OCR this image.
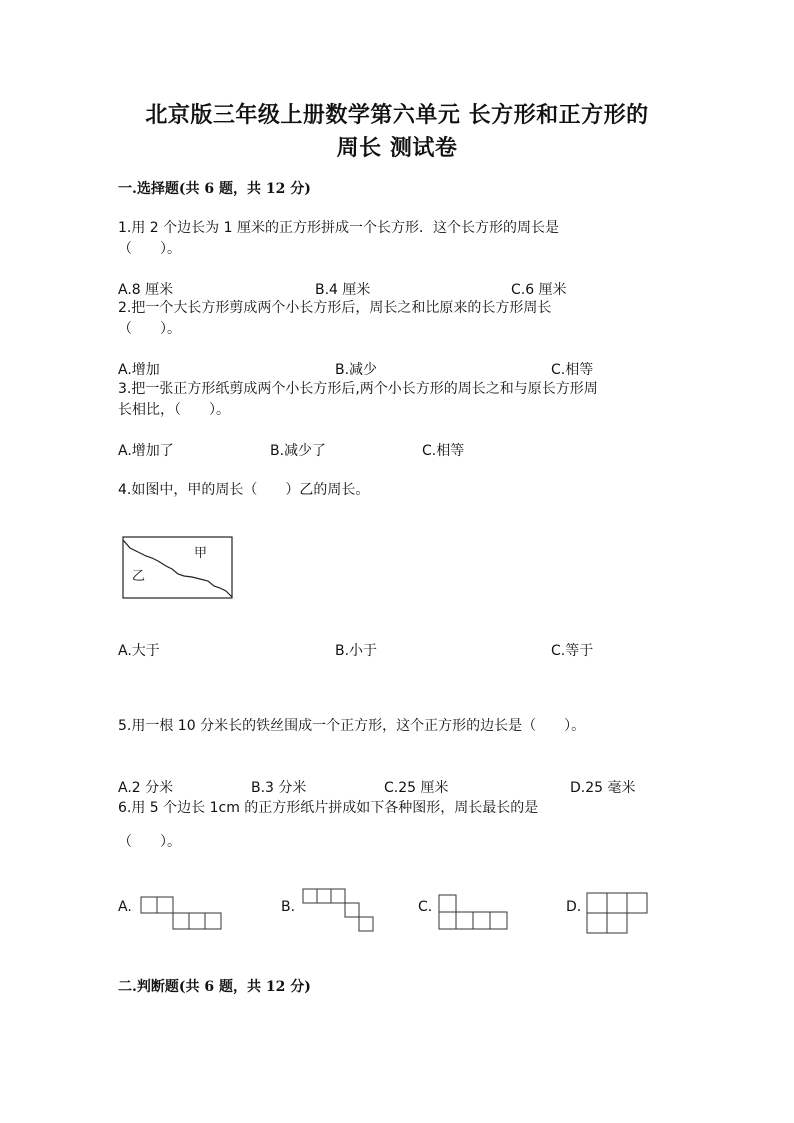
北京版三年级上册数学第六单元 长方形和正方形的
周长 测试卷
一.选择题(共 6 题，共 12 分)
1.用 2 个边长为 1 厘米的正方形拼成一个长方形．这个长方形的周长是
（　　）。
A.8 厘米	B.4 厘米	C.6 厘米
2.把一个大长方形剪成两个小长方形后，周长之和比原来的长方形周长
（　　）。
A.增加	B.减少	C.相等
3.把一张正方形纸剪成两个小长方形后,两个小长方形的周长之和与原长方形周
长相比，（　　）。
A.增加了	B.减少了	C.相等
4.如图中，甲的周长（　　）乙的周长。
甲
乙
A.大于	B.小于	C.等于
5.用一根 10 分米长的铁丝围成一个正方形，这个正方形的边长是（　　）。
A.2 分米	B.3 分米	C.25 厘米	D.25 毫米
6.用 5 个边长 1cm 的正方形纸片拼成如下各种图形，周长最长的是
（　　）。
A.	B.	C.	D.
二.判断题(共 6 题，共 12 分)
